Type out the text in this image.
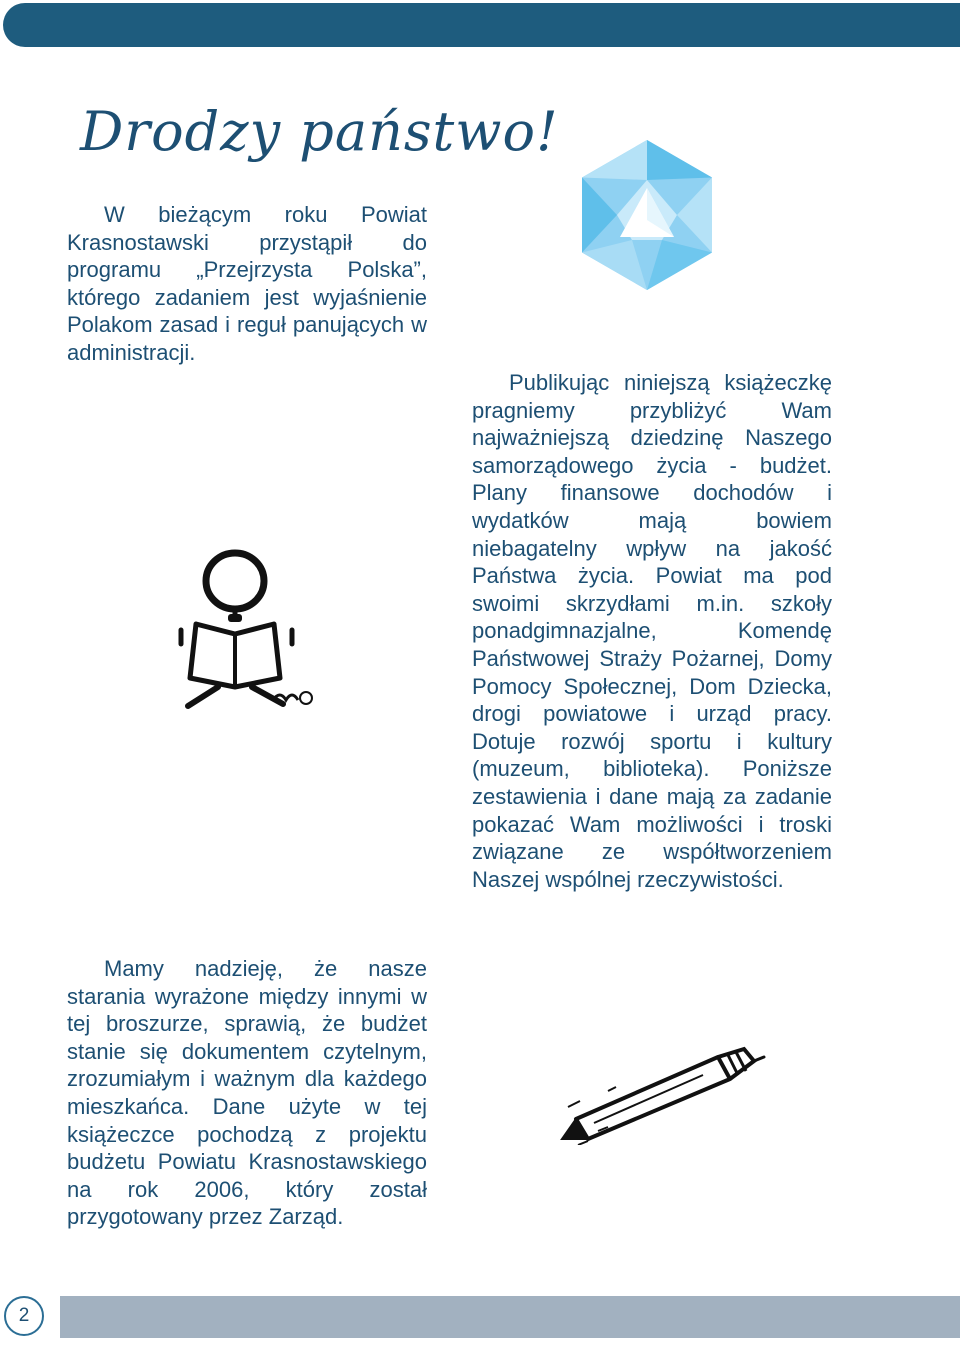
Drodzy państwo!

W bieżącym roku Powiat Krasnostawski przystąpił do programu „Przejrzysta Polska”, którego zadaniem jest wyjaśnienie Polakom zasad i reguł panujących w administracji.

Publikując niniejszą książeczkę pragniemy przybliżyć Wam najważniejszą dziedzinę Naszego samorządowego życia - budżet. Plany finansowe dochodów i wydatków mają bowiem niebagatelny wpływ na jakość Państwa życia. Powiat ma pod swoimi skrzydłami m.in. szkoły ponadgimnazjalne, Komendę Państwowej Straży Pożarnej, Domy Pomocy Społecznej, Dom Dziecka, drogi powiatowe i urząd pracy. Dotuje rozwój sportu i kultury (muzeum, biblioteka). Poniższe zestawienia i dane mają za zadanie pokazać Wam możliwości i troski związane ze współtworzeniem Naszej wspólnej rzeczywistości.

Mamy nadzieję, że nasze starania wyrażone między innymi w tej broszurze, sprawią, że budżet stanie się dokumentem czytelnym, zrozumiałym i ważnym dla każdego mieszkańca. Dane użyte w tej książeczce pochodzą z projektu budżetu Powiatu Krasnostawskiego na rok 2006, który został przygotowany przez Zarząd.

2
